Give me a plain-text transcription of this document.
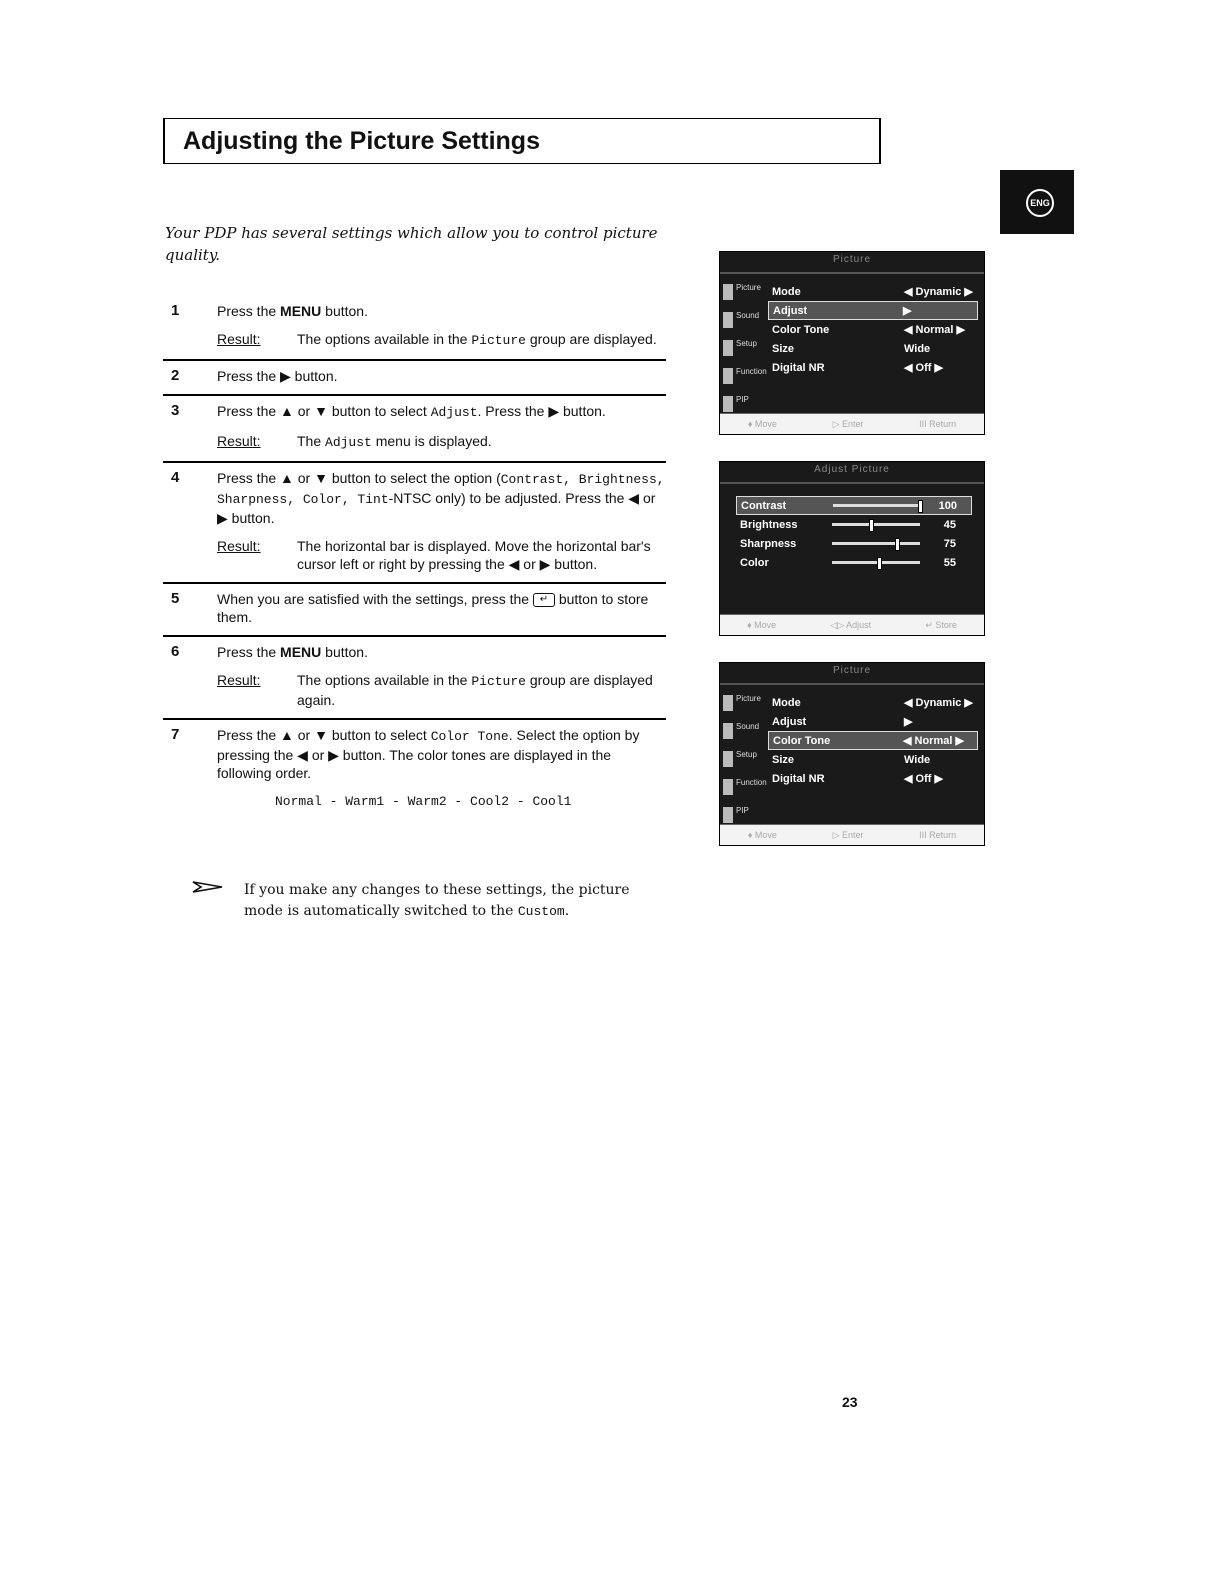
Adjusting the Picture Settings
ENG

Your PDP has several settings which allow you to control picture quality.

1	Press the MENU button.
Result:	The options available in the Picture group are displayed.
2	Press the ▶ button.
3	Press the ▲ or ▼ button to select Adjust. Press the ▶ button.
Result:	The Adjust menu is displayed.
4	Press the ▲ or ▼ button to select the option (Contrast, Brightness, Sharpness, Color, Tint-NTSC only) to be adjusted. Press the ◀ or ▶ button.
Result:	The horizontal bar is displayed. Move the horizontal bar's cursor left or right by pressing the ◀ or ▶ button.
5	When you are satisfied with the settings, press the ↵ button to store them.
6	Press the MENU button.
Result:	The options available in the Picture group are displayed again.
7	Press the ▲ or ▼ button to select Color Tone. Select the option by pressing the ◀ or ▶ button. The color tones are displayed in the following order.
Normal - Warm1 - Warm2 - Cool2 - Cool1

If you make any changes to these settings, the picture mode is automatically switched to the Custom.

Picture
Picture
Sound
Setup
Function
PIP
Mode	◀ Dynamic ▶
Adjust	▶
Color Tone	◀ Normal ▶
Size	Wide
Digital NR	◀ Off ▶
♦ Move	▷ Enter	III Return
Adjust Picture
Contrast	100
Brightness	45
Sharpness	75
Color	55
♦ Move	◁▷ Adjust	↵ Store
Picture
Picture
Sound
Setup
Function
PIP
Mode	◀ Dynamic ▶
Adjust	▶
Color Tone	◀ Normal ▶
Size	Wide
Digital NR	◀ Off ▶
♦ Move	▷ Enter	III Return
23
